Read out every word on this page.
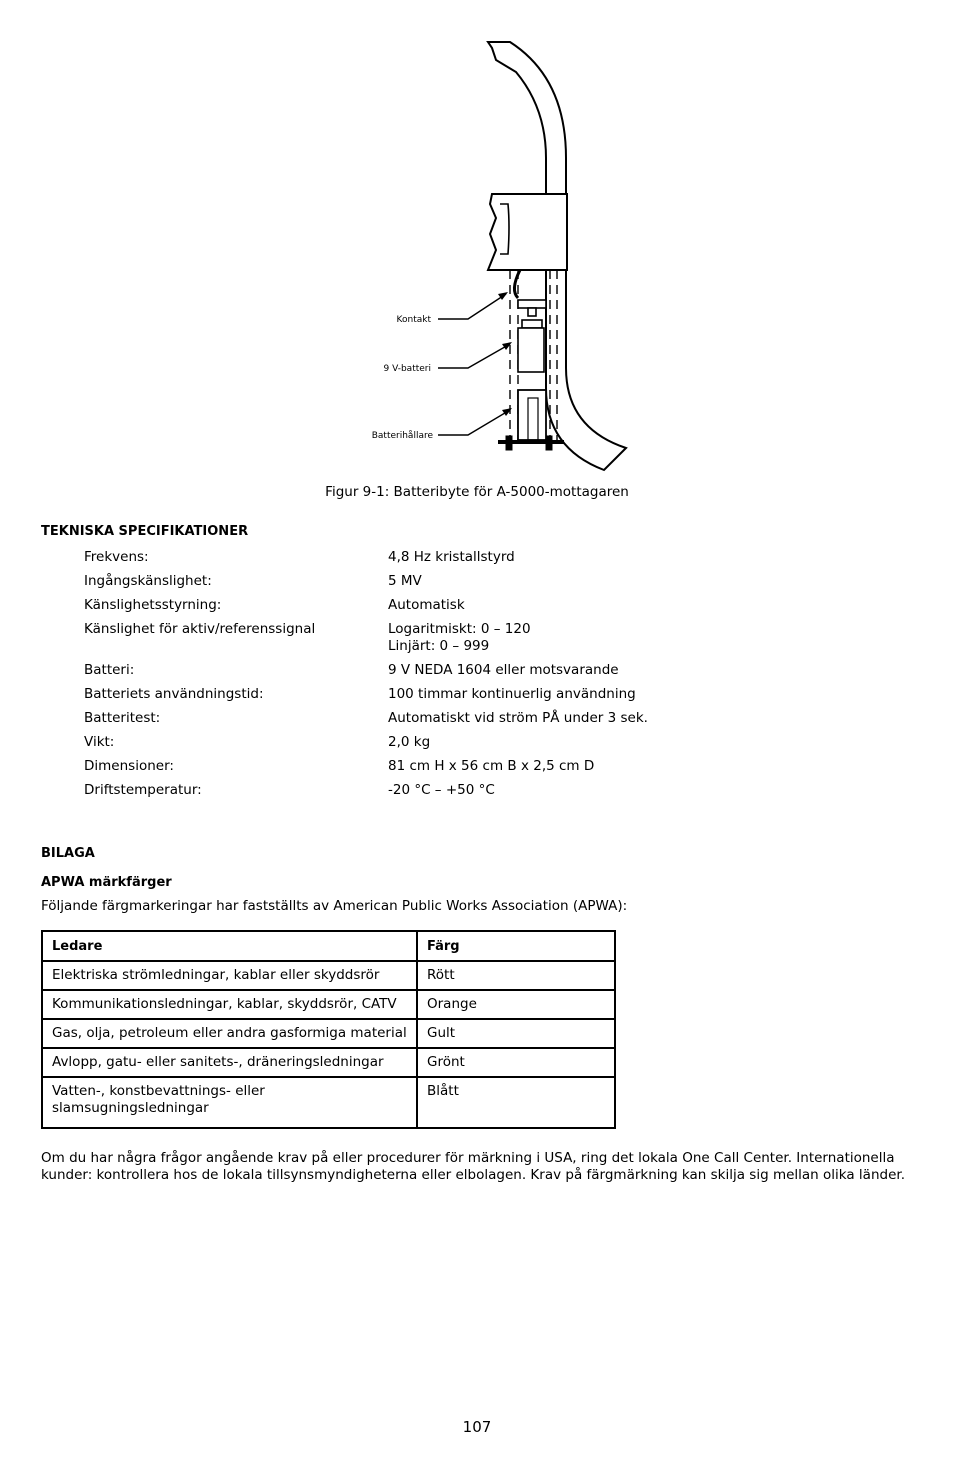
Kontakt
9 V-batteri
Batterihållare
Figur 9-1: Batteribyte för A-5000-mottagaren
TEKNISKA SPECIFIKATIONER
Frekvens:	4,8 Hz kristallstyrd
Ingångskänslighet:	5 MV
Känslighetsstyrning:	Automatisk
Känslighet för aktiv/referenssignal	Logaritmiskt: 0 – 120
Linjärt: 0 – 999
Batteri:	9 V NEDA 1604 eller motsvarande
Batteriets användningstid:	100 timmar kontinuerlig användning
Batteritest:	Automatiskt vid ström PÅ under 3 sek.
Vikt:	2,0 kg
Dimensioner:	81 cm H x 56 cm B x 2,5 cm D
Driftstemperatur:	-20 °C – +50 °C
BILAGA
APWA märkfärger
Följande färgmarkeringar har fastställts av American Public Works Association (APWA):
Ledare	Färg
Elektriska strömledningar, kablar eller skyddsrör	Rött
Kommunikationsledningar, kablar, skyddsrör, CATV	Orange
Gas, olja, petroleum eller andra gasformiga material	Gult
Avlopp, gatu- eller sanitets-, dräneringsledningar	Grönt
Vatten-, konstbevattnings- eller slamsugningsledningar	Blått
Om du har några frågor angående krav på eller procedurer för märkning i USA, ring det lokala One Call Center. Internationella kunder: kontrollera hos de lokala tillsynsmyndigheterna eller elbolagen. Krav på färgmärkning kan skilja sig mellan olika länder.
107
